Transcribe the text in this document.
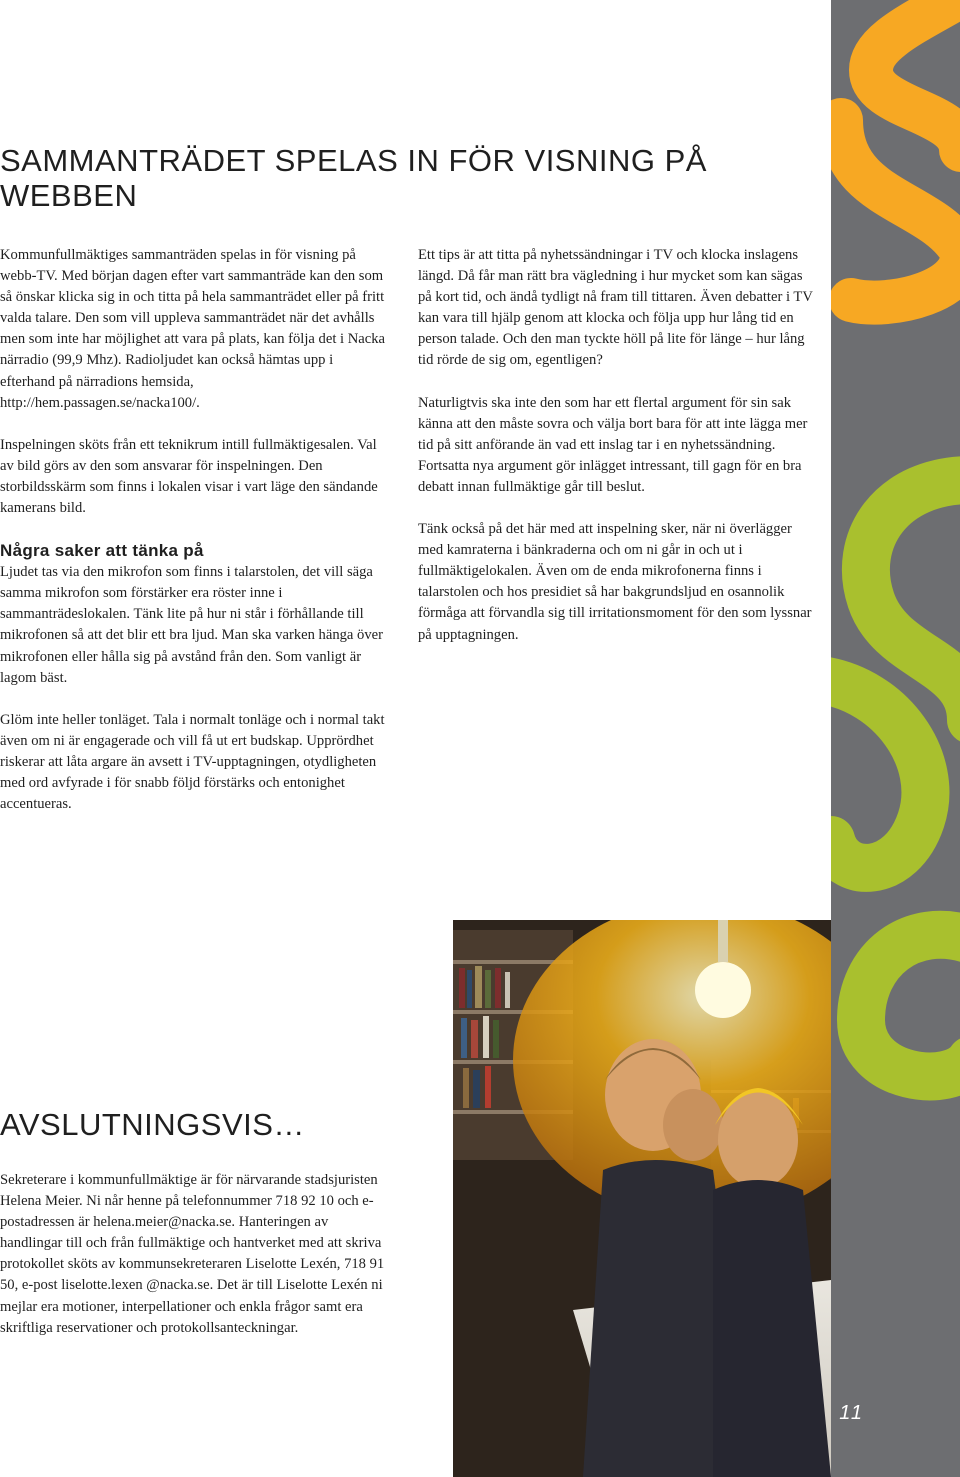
SAMMANTRÄDET SPELAS IN FÖR VISNING PÅ WEBBEN

Kommunfullmäktiges sammanträden spelas in för visning på webb-TV. Med början dagen efter vart sammanträde kan den som så önskar klicka sig in och titta på hela sammanträdet eller på fritt valda talare. Den som vill uppleva sammanträdet när det avhålls men som inte har möjlighet att vara på plats, kan följa det i Nacka närradio (99,9 Mhz). Radioljudet kan också hämtas upp i efterhand på närradions hemsida, http://hem.passagen.se/nacka100/.

Inspelningen sköts från ett teknikrum intill fullmäktigesalen. Val av bild görs av den som ansvarar för inspelningen. Den storbildsskärm som finns i lokalen visar i vart läge den sändande kamerans bild.

Några saker att tänka på

Ljudet tas via den mikrofon som finns i talarstolen, det vill säga samma mikrofon som förstärker era röster inne i sammanträdeslokalen. Tänk lite på hur ni står i förhållande till mikrofonen så att det blir ett bra ljud. Man ska varken hänga över mikrofonen eller hålla sig på avstånd från den. Som vanligt är lagom bäst.

Glöm inte heller tonläget. Tala i normalt tonläge och i normal takt även om ni är engagerade och vill få ut ert budskap. Upprördhet riskerar att låta argare än avsett i TV-upptagningen, otydligheten med ord avfyrade i för snabb följd förstärks och entonighet accentueras.

Ett tips är att titta på nyhetssändningar i TV och klocka inslagens längd. Då får man rätt bra vägledning i hur mycket som kan sägas på kort tid, och ändå tydligt nå fram till tittaren. Även debatter i TV kan vara till hjälp genom att klocka och följa upp hur lång tid en person talade. Och den man tyckte höll på lite för länge – hur lång tid rörde de sig om, egentligen?

Naturligtvis ska inte den som har ett flertal argument för sin sak känna att den måste sovra och välja bort bara för att inte lägga mer tid på sitt anförande än vad ett inslag tar i en nyhetssändning. Fortsatta nya argument gör inlägget intressant, till gagn för en bra debatt innan fullmäktige går till beslut.

Tänk också på det här med att inspelning sker, när ni överlägger med kamraterna i bänkraderna och om ni går in och ut i fullmäktigelokalen. Även om de enda mikrofonerna finns i talarstolen och hos presidiet så har bakgrundsljud en osannolik förmåga att förvandla sig till irritationsmoment för den som lyssnar på upptagningen.

AVSLUTNINGSVIS…

Sekreterare i kommunfullmäktige är för närvarande stadsjuristen Helena Meier. Ni når henne på telefonnummer 718 92 10 och e-postadressen är helena.meier@nacka.se. Hanteringen av handlingar till och från fullmäktige och hantverket med att skriva protokollet sköts av kommunsekreteraren Liselotte Lexén, 718 91 50, e-post liselotte.lexen @nacka.se. Det är till Liselotte Lexén ni mejlar era motioner, interpellationer och enkla frågor samt era skriftliga reservationer och protokollsanteckningar.

11
